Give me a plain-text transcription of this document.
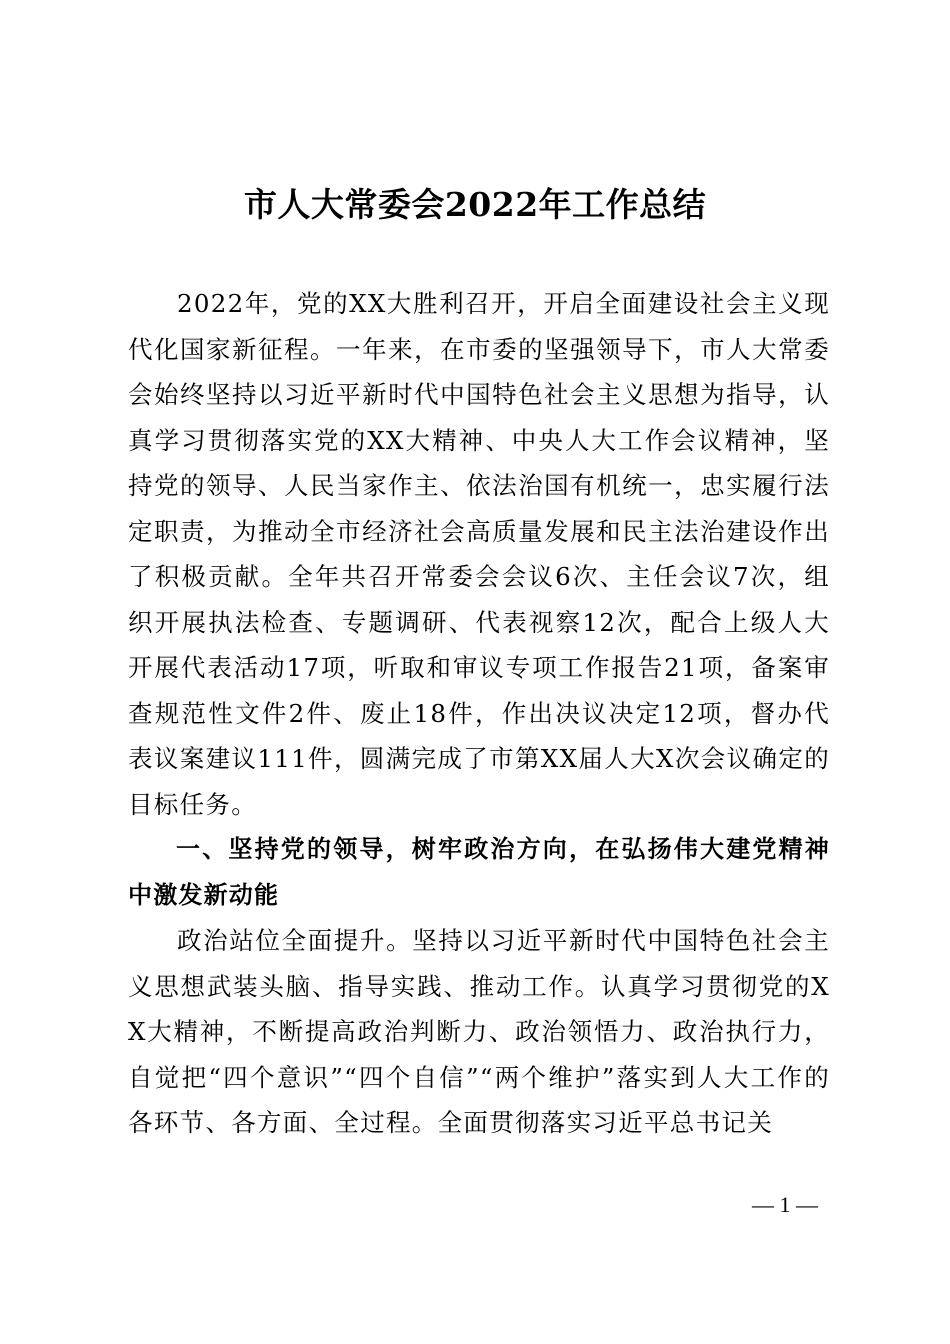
市人大常委会2022年工作总结

2022年，党的XX大胜利召开，开启全面建设社会主义现代化国家新征程。一年来，在市委的坚强领导下，市人大常委会始终坚持以习近平新时代中国特色社会主义思想为指导，认真学习贯彻落实党的XX大精神、中央人大工作会议精神，坚持党的领导、人民当家作主、依法治国有机统一，忠实履行法定职责，为推动全市经济社会高质量发展和民主法治建设作出了积极贡献。全年共召开常委会会议6次、主任会议7次，组织开展执法检查、专题调研、代表视察12次，配合上级人大开展代表活动17项，听取和审议专项工作报告21项，备案审查规范性文件2件、废止18件，作出决议决定12项，督办代表议案建议111件，圆满完成了市第XX届人大X次会议确定的目标任务。

一、坚持党的领导，树牢政治方向，在弘扬伟大建党精神中激发新动能

政治站位全面提升。坚持以习近平新时代中国特色社会主义思想武装头脑、指导实践、推动工作。认真学习贯彻党的XX大精神，不断提高政治判断力、政治领悟力、政治执行力，自觉把“四个意识”“四个自信”“两个维护”落实到人大工作的各环节、各方面、全过程。全面贯彻落实习近平总书记关

— 1 —
